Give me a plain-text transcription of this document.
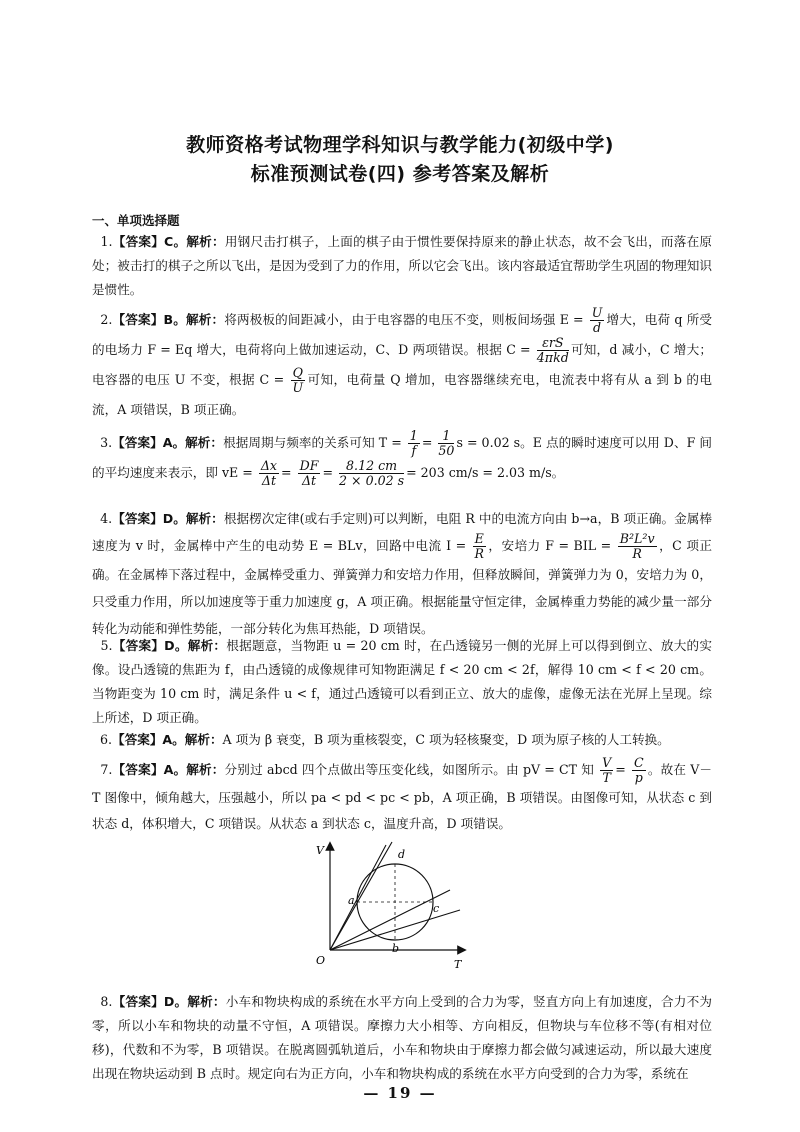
教师资格考试物理学科知识与教学能力(初级中学)
标准预测试卷(四) 参考答案及解析
一、单项选择题
1.【答案】C。解析：用钢尺击打棋子，上面的棋子由于惯性要保持原来的静止状态，故不会飞出，而落在原处；被击打的棋子之所以飞出，是因为受到了力的作用，所以它会飞出。该内容最适宜帮助学生巩固的物理知识是惯性。
2.【答案】B。解析：将两极板的间距减小，由于电容器的电压不变，则板间场强 $E = \frac{U}{d}$ 增大，电荷 q 所受的电场力 F = Eq 增大，电荷将向上做加速运动，C、D 两项错误。根据 $C = \frac{\text{εrS}}{\text{4πkd}}$ 可知，d 减小，C 增大；电容器的电压 U 不变，根据 $C = \frac{Q}{U}$ 可知，电荷量 Q 增加，电容器继续充电，电流表中将有从 a 到 b 的电流，A 项错误，B 项正确。
3.【答案】A。解析：根据周期与频率的关系可知 $T = \frac{1}{f} = \frac{1}{50}$ s = 0.02 s。E 点的瞬时速度可以用 D、F 间的平均速度来表示，即 vE = $\frac{\Delta x}{\Delta t} = \frac{DF}{\Delta t} = \frac{8.12 cm}{2 \times 0.02 s} = 203$ cm/s = 2.03 m/s。
4.【答案】D。解析：根据楞次定律(或右手定则)可以判断，电阻 R 中的电流方向由 b→a，B 项正确。金属棒速度为 v 时，金属棒中产生的电动势 E = BLv，回路中电流 $I = \frac{E}{R}$ ，安培力 F = BIL = $\frac{\text{B²L²v}}{R}$ ，C 项正确。在金属棒下落过程中，金属棒受重力、弹簧弹力和安培力作用，但释放瞬间，弹簧弹力为 0，安培力为 0，只受重力作用，所以加速度等于重力加速度 g，A 项正确。根据能量守恒定律，金属棒重力势能的减少量一部分转化为动能和弹性势能，一部分转化为焦耳热能，D 项错误。
5.【答案】D。解析：根据题意，当物距 u = 20 cm 时，在凸透镜另一侧的光屏上可以得到倒立、放大的实像。设凸透镜的焦距为 f，由凸透镜的成像规律可知物距满足 f < 20 cm < 2f，解得 10 cm < f < 20 cm。当物距变为 10 cm 时，满足条件 u < f，通过凸透镜可以看到正立、放大的虚像，虚像无法在光屏上呈现。综上所述，D 项正确。
6.【答案】A。解析：A 项为 β 衰变，B 项为重核裂变，C 项为轻核聚变，D 项为原子核的人工转换。
7.【答案】A。解析：分别过 abcd 四个点做出等压变化线，如图所示。由 pV = CT 知 $\frac{V}{T} = \frac{C}{p}$ 。故在 V－T 图像中，倾角越大，压强越小，所以 pa < pd < pc < pb，A 项正确，B 项错误。由图像可知，从状态 c 到状态 d，体积增大，C 项错误。从状态 a 到状态 c，温度升高，D 项错误。
V
T
O
a
b
c
d
8.【答案】D。解析：小车和物块构成的系统在水平方向上受到的合力为零，竖直方向上有加速度，合力不为零，所以小车和物块的动量不守恒，A 项错误。摩擦力大小相等、方向相反，但物块与车位移不等(有相对位移)，代数和不为零，B 项错误。在脱离圆弧轨道后，小车和物块由于摩擦力都会做匀减速运动，所以最大速度出现在物块运动到 B 点时。规定向右为正方向，小车和物块构成的系统在水平方向受到的合力为零，系统在
— 19 —
